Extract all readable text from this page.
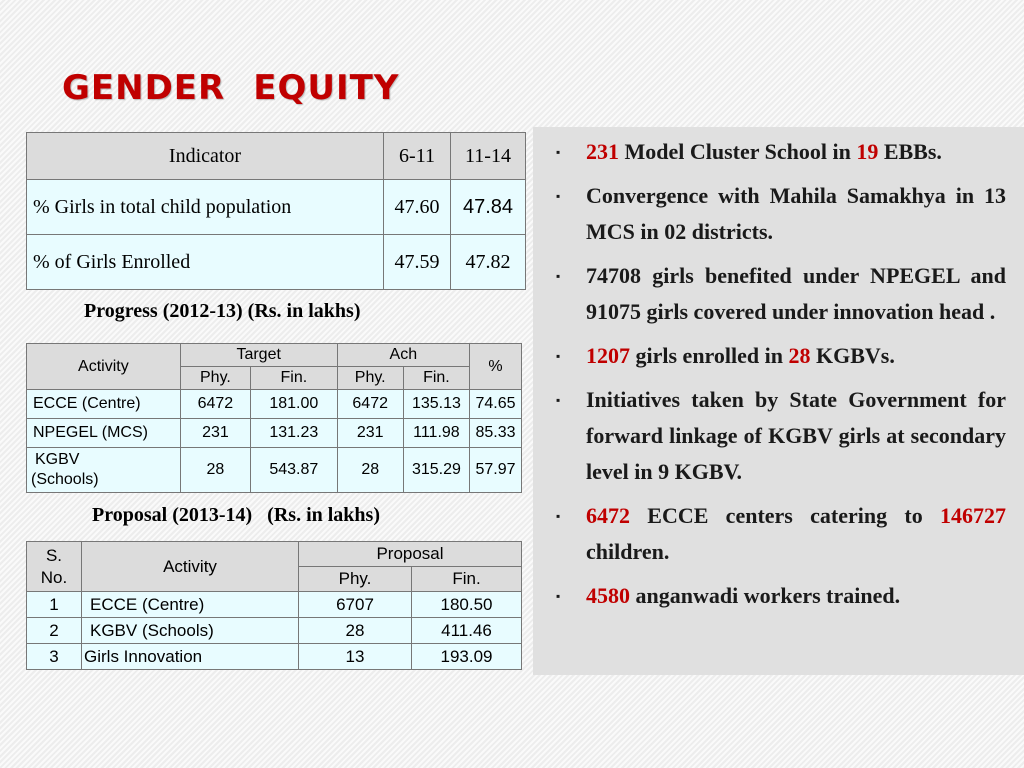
GENDER EQUITY
Indicator	6-11	11-14
% Girls in total child population	47.60	47.84
% of Girls Enrolled	47.59	47.82
Progress (2012-13) (Rs. in lakhs)
Activity	Target		Ach		%
	Phy.	Fin.	Phy.	Fin.	
ECCE (Centre)	6472	181.00	6472	135.13	74.65
NPEGEL (MCS)	231	131.23	231	111.98	85.33
KGBV
(Schools)	28	543.87	28	315.29	57.97
Proposal (2013-14)   (Rs. in lakhs)
S.
No.	Activity	Proposal	
		Phy.	Fin.
1	ECCE (Centre)	6707	180.50
2	KGBV (Schools)	28	411.46
3	Girls Innovation	13	193.09
▪ 231 Model Cluster School in 19 EBBs.
▪ Convergence with Mahila Samakhya in 13 MCS in 02 districts.
▪ 74708 girls benefited under NPEGEL and 91075 girls covered under innovation head .
▪ 1207 girls enrolled in 28 KGBVs.
▪ Initiatives taken by State Government for forward linkage of KGBV girls at secondary level in 9 KGBV.
▪ 6472 ECCE centers catering to 146727 children.
▪ 4580 anganwadi workers trained.
